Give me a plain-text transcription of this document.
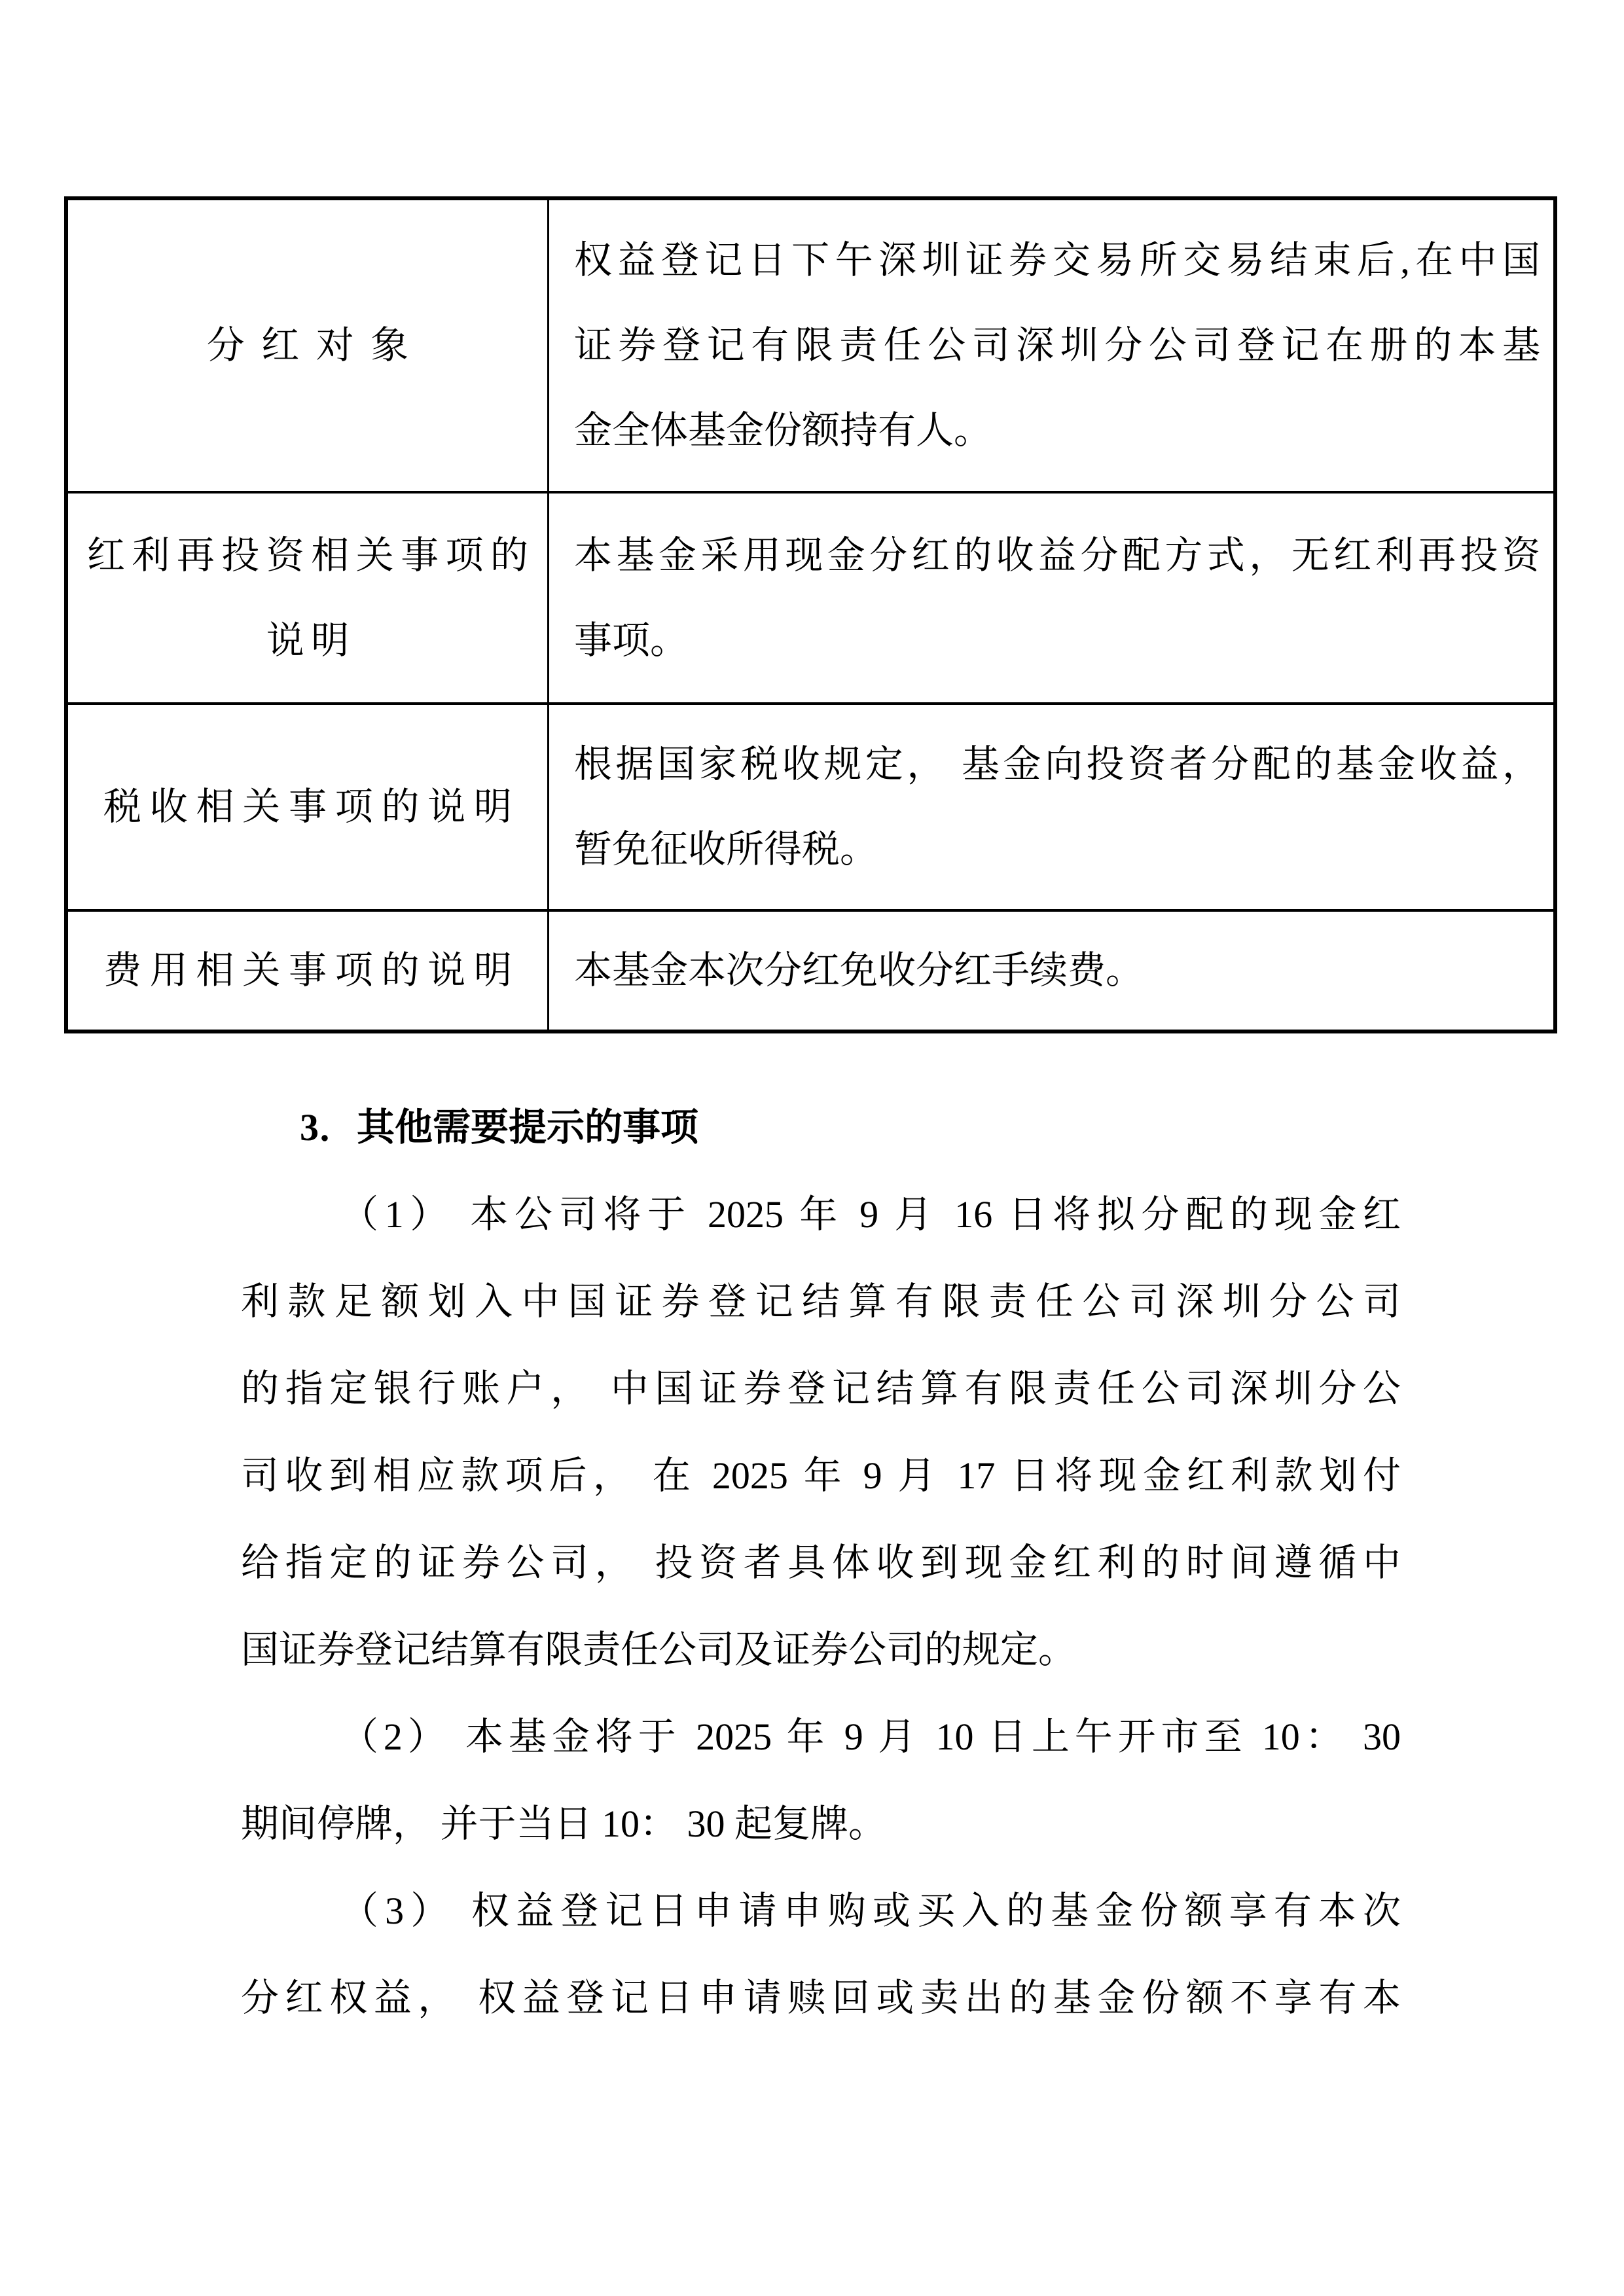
分红对象
权益登记日下午深圳证券交易所交易结束后,在中国
证券登记有限责任公司深圳分公司登记在册的本基
金全体基金份额持有人。
红利再投资相关事项的
说明
本基金采用现金分红的收益分配方式，无红利再投资
事项。
税收相关事项的说明
根据国家税收规定， 基金向投资者分配的基金收益，
暂免征收所得税。
费用相关事项的说明 本基金本次分红免收分红手续费。
3．其他需要提示的事项
（1） 本公司将于 2025 年 9 月 16 日将拟分配的现金红
利款足额划入中国证券登记结算有限责任公司深圳分公司
的指定银行账户， 中国证券登记结算有限责任公司深圳分公
司收到相应款项后， 在 2025 年 9 月 17 日将现金红利款划付
给指定的证券公司， 投资者具体收到现金红利的时间遵循中
国证券登记结算有限责任公司及证券公司的规定。
（2） 本基金将于 2025 年 9 月 10 日上午开市至 10： 30
期间停牌， 并于当日 10： 30 起复牌。
（3） 权益登记日申请申购或买入的基金份额享有本次
分红权益， 权益登记日申请赎回或卖出的基金份额不享有本
